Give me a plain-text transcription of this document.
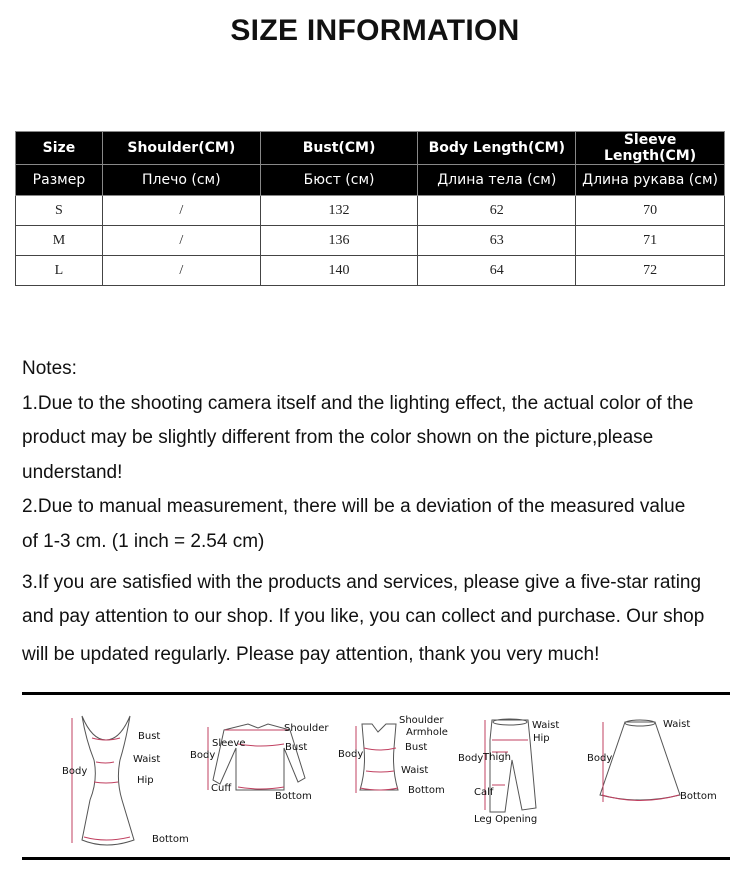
SIZE INFORMATION
Size	Shoulder(CM)	Bust(CM)	Body Length(CM)	Sleeve Length(CM)
Размер	Плечо (см)	Бюст (см)	Длина тела (см)	Длина рукава (см)
S	/	132	62	70
M	/	136	63	71
L	/	140	64	72
Notes:
1.Due to the shooting camera itself and the lighting effect, the actual color of the
product may be slightly different from the color shown on the picture,please
understand!
2.Due to manual measurement, there will be a deviation of the measured value
of 1-3 cm. (1 inch = 2.54 cm)
3.If you are satisfied with the products and services, please give a five-star rating
and pay attention to our shop. If you like, you can collect and purchase. Our shop
will be updated regularly. Please pay attention, thank you very much!
Bust
Waist
Body
Hip
Bottom
Shoulder
Sleeve
Body
Bust
Cuff
Bottom
Shoulder
Armhole
Bust
Body
Waist
Bottom
Waist
Hip
Body Thigh
Calf
Leg Opening
Waist
Body
Bottom
